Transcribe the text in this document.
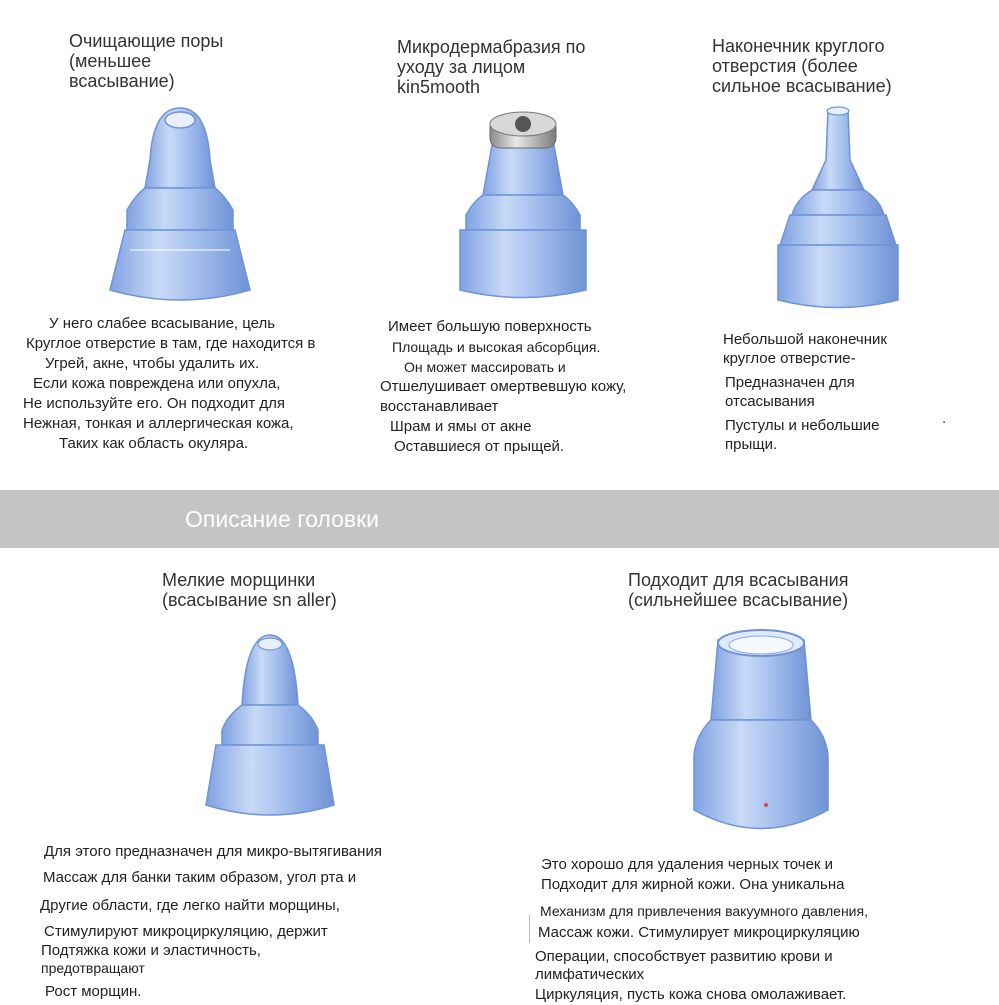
Очищающие поры
(меньшее
всасывание)
У него слабее всасывание, цель
Круглое отверстие в там, где находится в
Угрей, акне, чтобы удалить их.
Если кожа повреждена или опухла,
Не используйте его. Он подходит для
Нежная, тонкая и аллергическая кожа,
Таких как область окуляра.
Микродермабразия по
уходу за лицом
kin5mooth
Имеет большую поверхность
Площадь и высокая абсорбция.
Он может массировать и
Отшелушивает омертвевшую кожу,
восстанавливает
Шрам и ямы от акне
Оставшиеся от прыщей.
Наконечник круглого
отверстия (более
сильное всасывание)
Небольшой наконечник
круглое отверстие-
Предназначен для
отсасывания
Пустулы и небольшие
прыщи.
.
Описание головки
Мелкие морщинки
(всасывание sn aller)
Для этого предназначен для микро-вытягивания
Массаж для банки таким образом, угол рта и
Другие области, где легко найти морщины,
Стимулируют микроциркуляцию, держит
Подтяжка кожи и эластичность,
предотвращают
Рост морщин.
Подходит для всасывания
(сильнейшее всасывание)
Это хорошо для удаления черных точек и
Подходит для жирной кожи. Она уникальна
Механизм для привлечения вакуумного давления,
Массаж кожи. Стимулирует микроциркуляцию
Операции, способствует развитию крови и
лимфатических
Циркуляция, пусть кожа снова омолаживает.
